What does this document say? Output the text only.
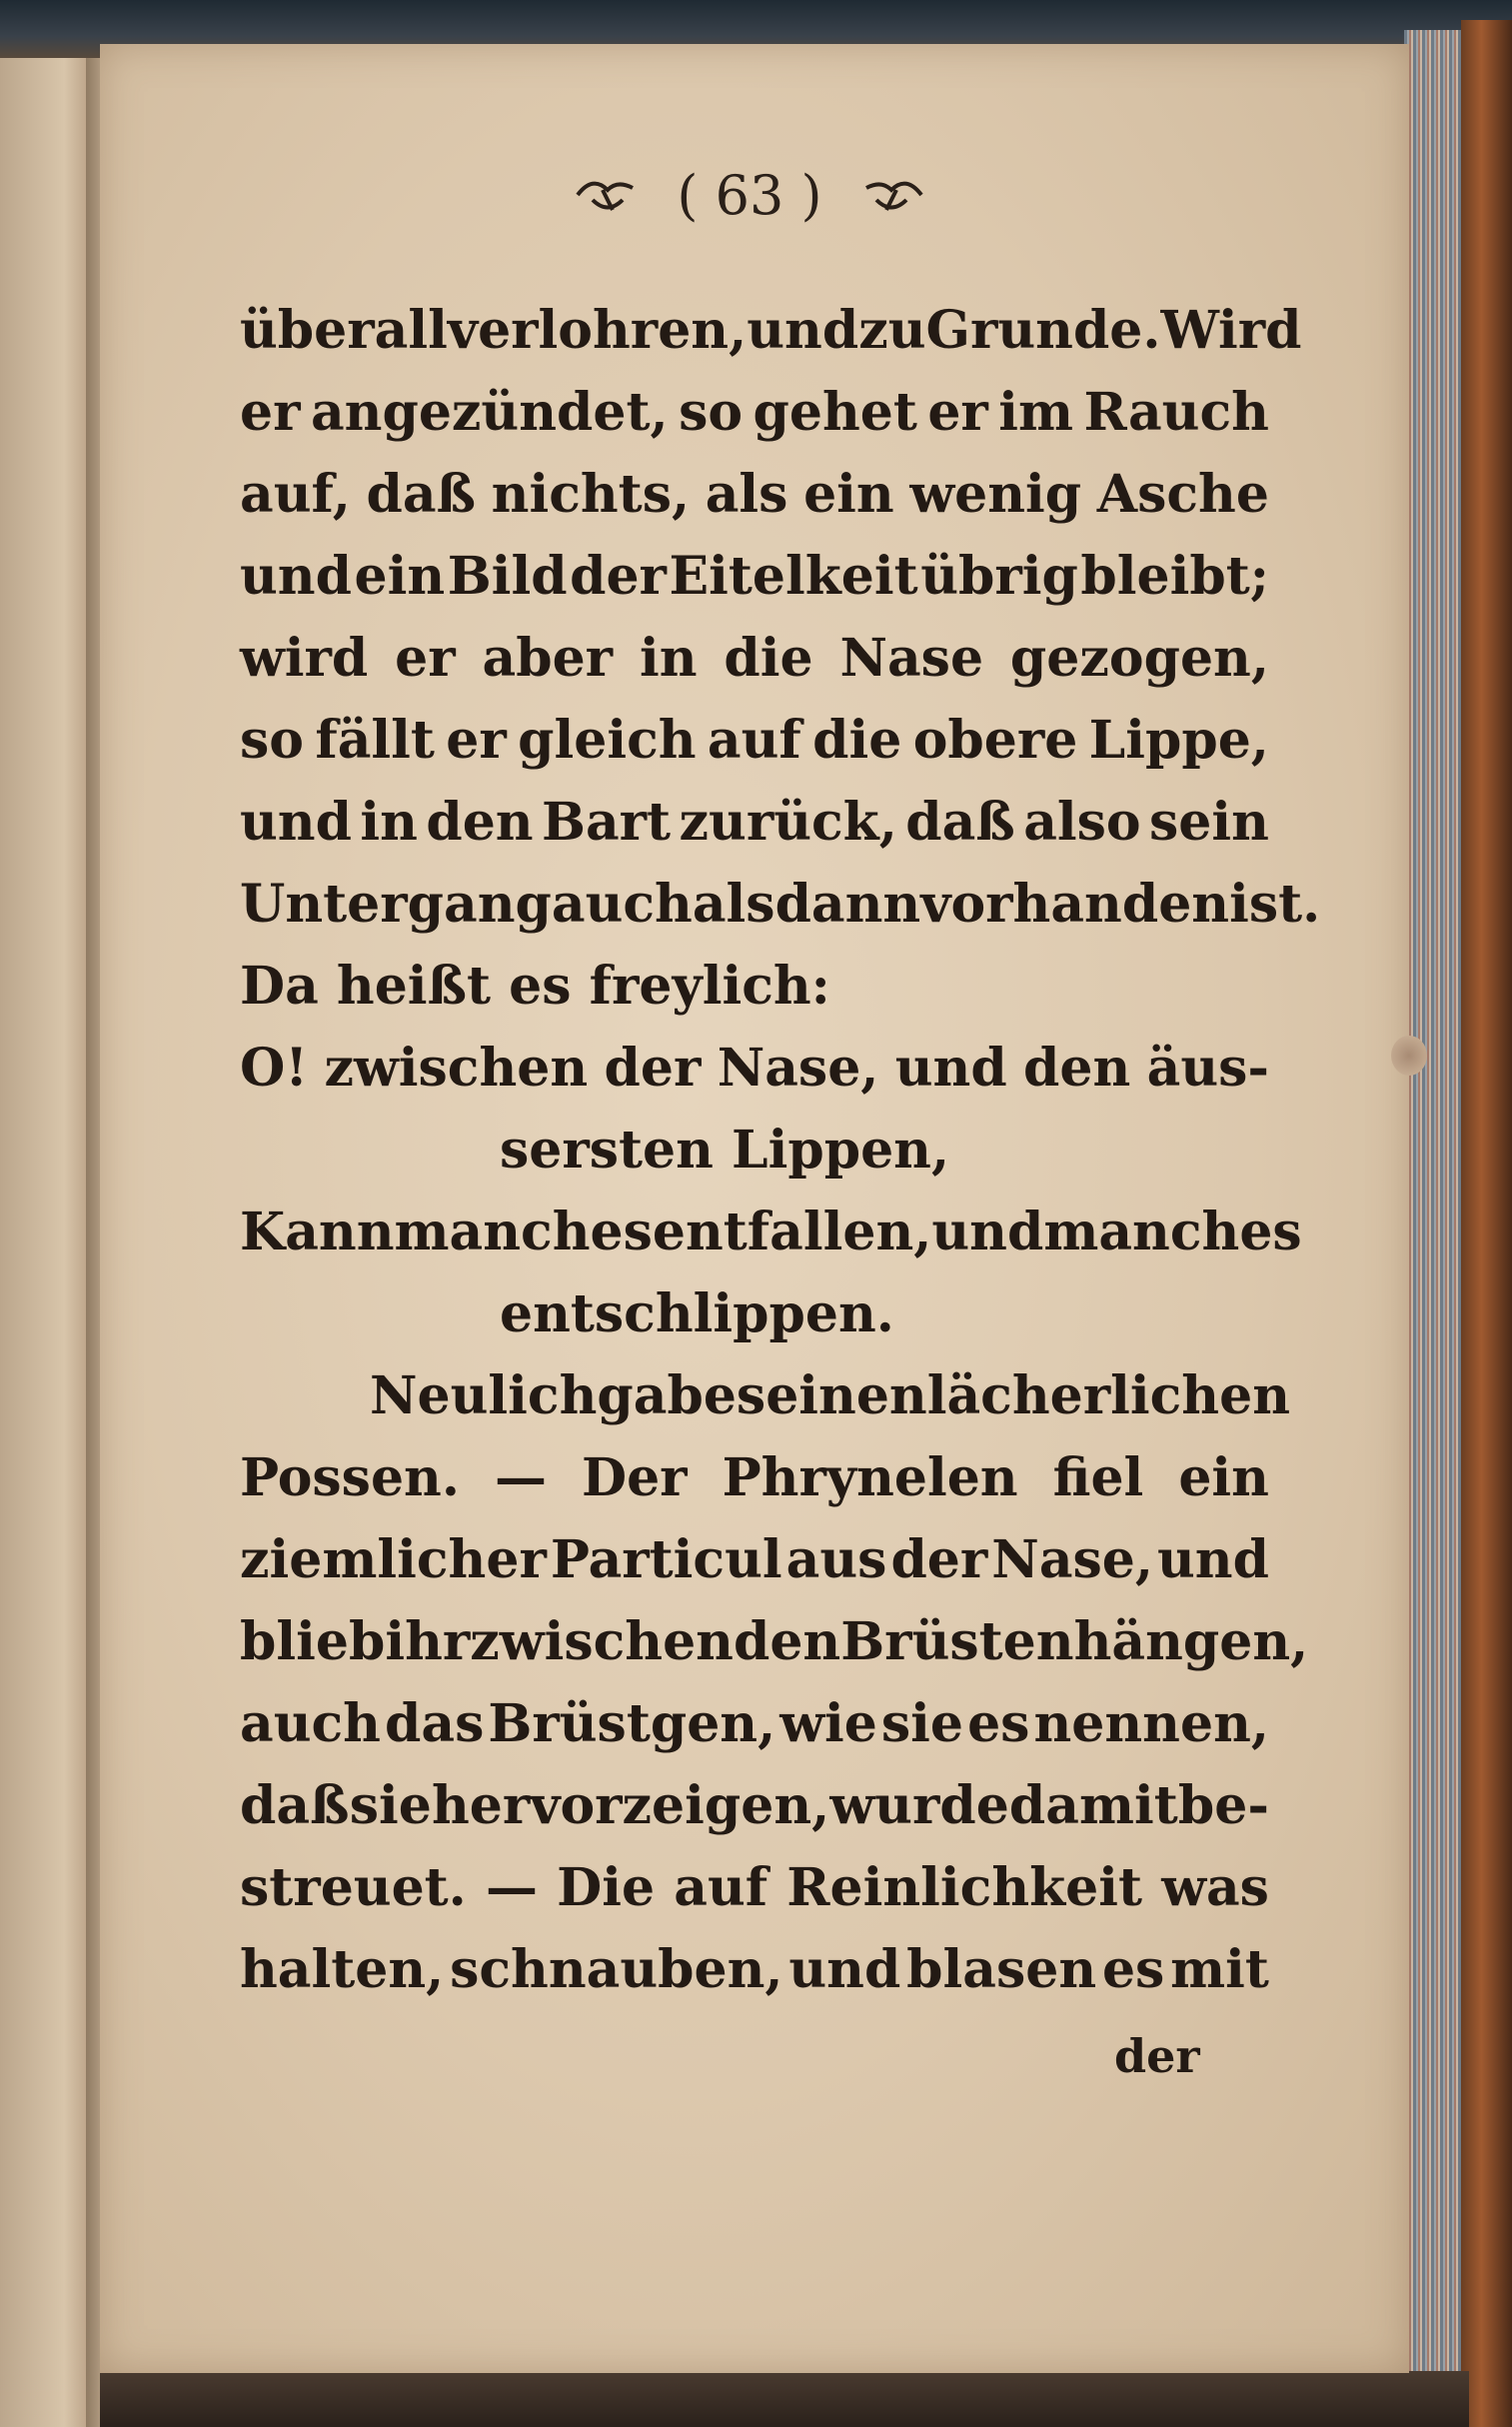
( 63 )
überall verlohren, und zu Grunde. Wird
er angezündet, so gehet er im Rauch
auf, daß nichts, als ein wenig Asche
und ein Bild der Eitelkeit übrig bleibt;
wird er aber in die Nase gezogen,
so fällt er gleich auf die obere Lippe,
und in den Bart zurück, daß also sein
Untergang auch alsdann vorhanden ist.
Da heißt es freylich:
O! zwischen der Nase, und den äus-
sersten Lippen,
Kann manches entfallen, und manches
entschlippen.
Neulich gab es einen lächerlichen
Possen. — Der Phrynelen fiel ein
ziemlicher Particul aus der Nase, und
blieb ihr zwischen den Brüsten hängen,
auch das Brüstgen, wie sie es nennen,
daß sie hervorzeigen, wurde damit be-
streuet. — Die auf Reinlichkeit was
halten, schnauben, und blasen es mit
der
